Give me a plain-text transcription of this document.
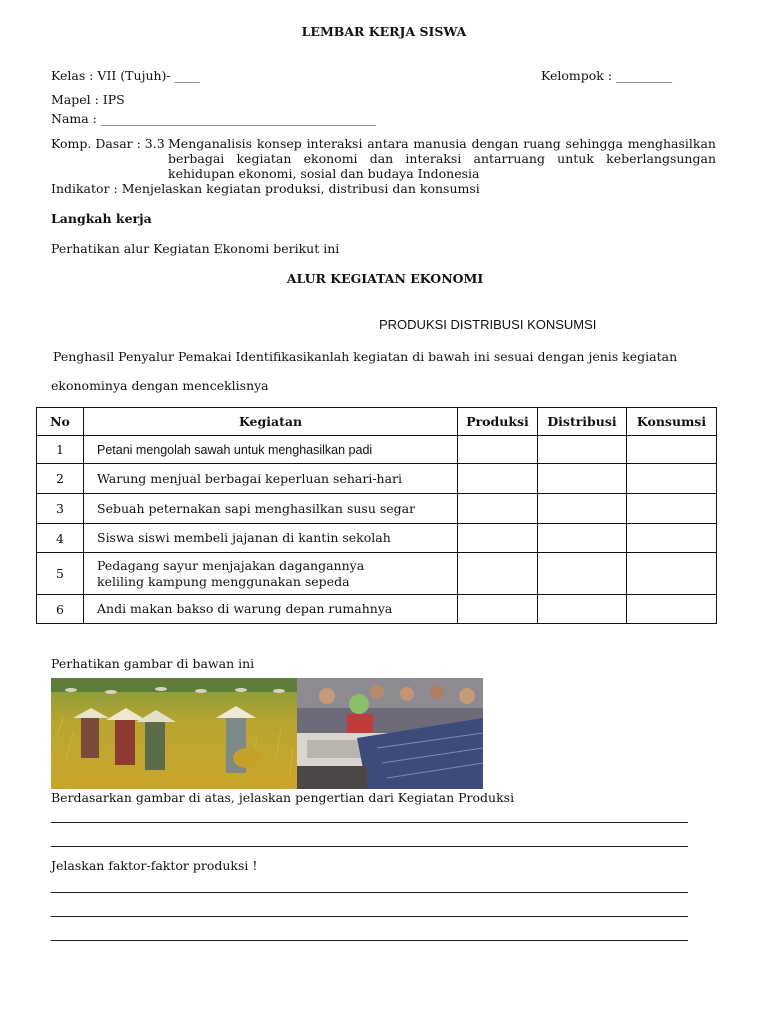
LEMBAR KERJA SISWA
Kelas : VII (Tujuh)- ____	Kelompok : _________
Mapel : IPS
Nama : ____________________________________________
Komp. Dasar : 3.3 Menganalisis konsep interaksi antara manusia dengan ruang sehingga menghasilkan
berbagai kegiatan ekonomi dan interaksi antarruang untuk keberlangsungan
kehidupan ekonomi, sosial dan budaya Indonesia
Indikator : Menjelaskan kegiatan produksi, distribusi dan konsumsi
Langkah kerja
Perhatikan alur Kegiatan Ekonomi berikut ini
ALUR KEGIATAN EKONOMI
PRODUKSI DISTRIBUSI KONSUMSI
Penghasil Penyalur Pemakai Identifikasikanlah kegiatan di bawah ini sesuai dengan jenis kegiatan
ekonominya dengan menceklisnya
No	Kegiatan	Produksi	Distribusi	Konsumsi
1	Petani mengolah sawah untuk menghasilkan padi			
2	Warung menjual berbagai keperluan sehari-hari			
3	Sebuah peternakan sapi menghasilkan susu segar			
4	Siswa siswi membeli jajanan di kantin sekolah			
5	Pedagang sayur menjajakan dagangannya keliling kampung menggunakan sepeda			
6	Andi makan bakso di warung depan rumahnya			
Perhatikan gambar di bawan ini
Berdasarkan gambar di atas, jelaskan pengertian dari Kegiatan Produksi
Jelaskan faktor-faktor produksi !
